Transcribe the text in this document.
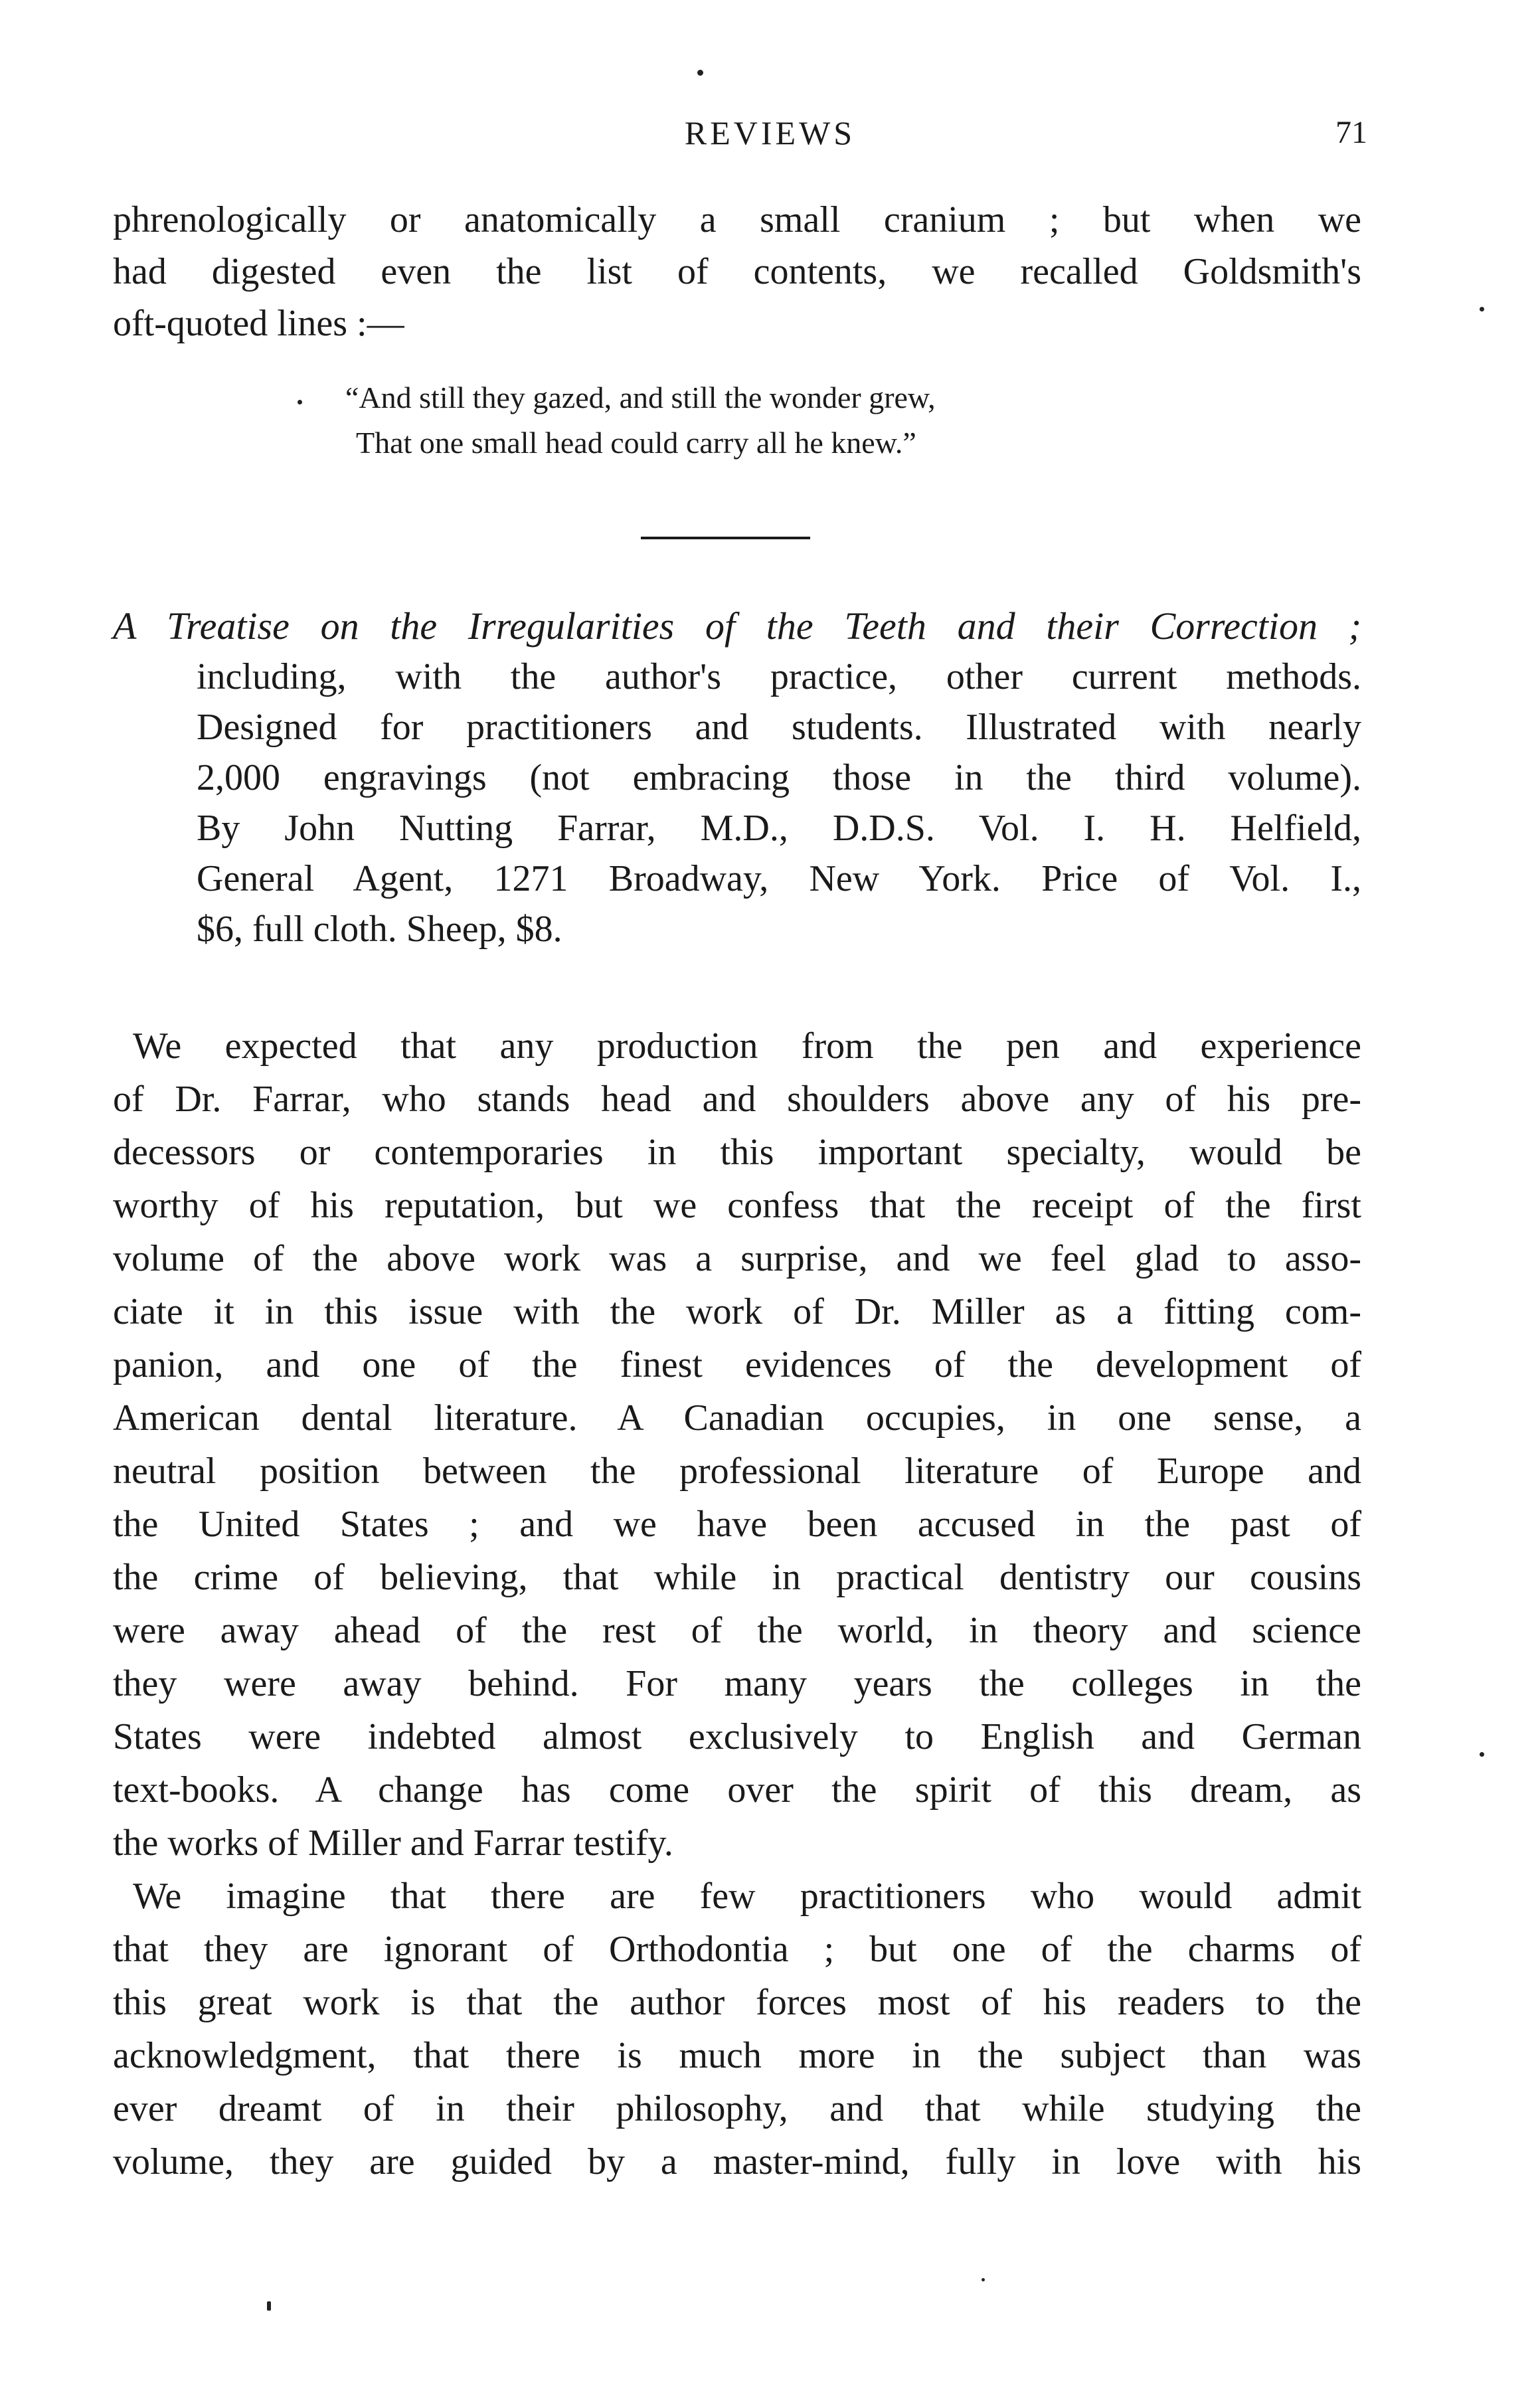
REVIEWS	71
phrenologically or anatomically a small cranium ; but when we
had digested even the list of contents, we recalled Goldsmith's
oft-quoted lines :—
“And still they gazed, and still the wonder grew,
That one small head could carry all he knew.”
A Treatise on the Irregularities of the Teeth and their Correction ;
including, with the author's practice, other current methods.
Designed for practitioners and students. Illustrated with nearly
2,000 engravings (not embracing those in the third volume).
By John Nutting Farrar, M.D., D.D.S. Vol. I. H. Helfield,
General Agent, 1271 Broadway, New York. Price of Vol. I.,
$6, full cloth. Sheep, $8.
We expected that any production from the pen and experience
of Dr. Farrar, who stands head and shoulders above any of his pre-
decessors or contemporaries in this important specialty, would be
worthy of his reputation, but we confess that the receipt of the first
volume of the above work was a surprise, and we feel glad to asso-
ciate it in this issue with the work of Dr. Miller as a fitting com-
panion, and one of the finest evidences of the development of
American dental literature. A Canadian occupies, in one sense, a
neutral position between the professional literature of Europe and
the United States ; and we have been accused in the past of
the crime of believing, that while in practical dentistry our cousins
were away ahead of the rest of the world, in theory and science
they were away behind. For many years the colleges in the
States were indebted almost exclusively to English and German
text-books. A change has come over the spirit of this dream, as
the works of Miller and Farrar testify.
We imagine that there are few practitioners who would admit
that they are ignorant of Orthodontia ; but one of the charms of
this great work is that the author forces most of his readers to the
acknowledgment, that there is much more in the subject than was
ever dreamt of in their philosophy, and that while studying the
volume, they are guided by a master-mind, fully in love with his
